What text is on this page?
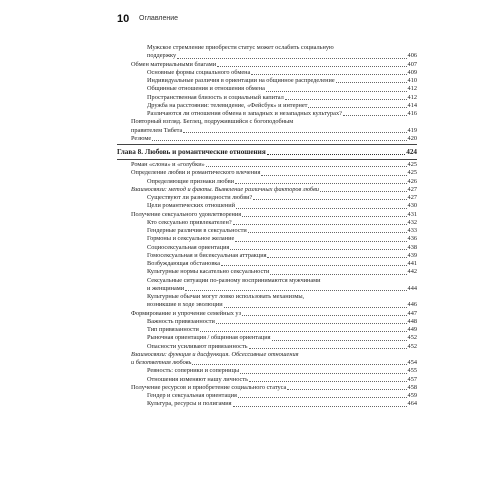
10 Оглавление
Мужское стремление приобрести статус может ослабить социальную
поддержку	406
Обмен материальными благами	407
Основные формы социального обмена	409
Индивидуальные различия в ориентации на общинное распределение	410
Общинные отношения и отношения обмена	412
Пространственная близость и социальный капитал	412
Дружба на расстоянии: телевидение, «Фейсбук» и интернет	414
Различаются ли отношения обмена в западных и незападных культурах?	416
Повторный взгляд. Беглец, подружившийся с богоподобным
правителем Тибета	419
Резюме	420
Глава 8. Любовь и романтические отношения	424
Роман «слона» и «голубки»	425
Определение любви и романтического влечения	425
Определяющие признаки любви	426
Взаимосвязи: метод и факты. Выявление различных факторов любви	427
Существуют ли разновидности любви?	427
Цели романтических отношений	430
Получение сексуального удовлетворения	431
Кто сексуально привлекателен?	432
Гендерные различия в сексуальности	433
Гормоны и сексуальное желание	436
Социосексуальная ориентация	438
Гомосексуальная и бисексуальная аттракция	439
Возбуждающая обстановка	441
Культурные нормы касательно сексуальности	442
Сексуальные ситуации по-разному воспринимаются мужчинами
и женщинами	444
Культурные обычаи могут ловко использовать механизмы,
возникшие в ходе эволюции	446
Формирование и упрочение семейных уз	447
Важность привязанности	448
Тип привязанности	449
Рыночная ориентация / общинная ориентация	452
Опасности усиливают привязанность	452
Взаимосвязи: функция и дисфункция. Обсессивные отношения
и безответная любовь	454
Ревность: соперники и соперницы	455
Отношения изменяют нашу личность	457
Получение ресурсов и приобретение социального статуса	458
Гендер и сексуальная ориентация	459
Культура, ресурсы и полигамия	464
